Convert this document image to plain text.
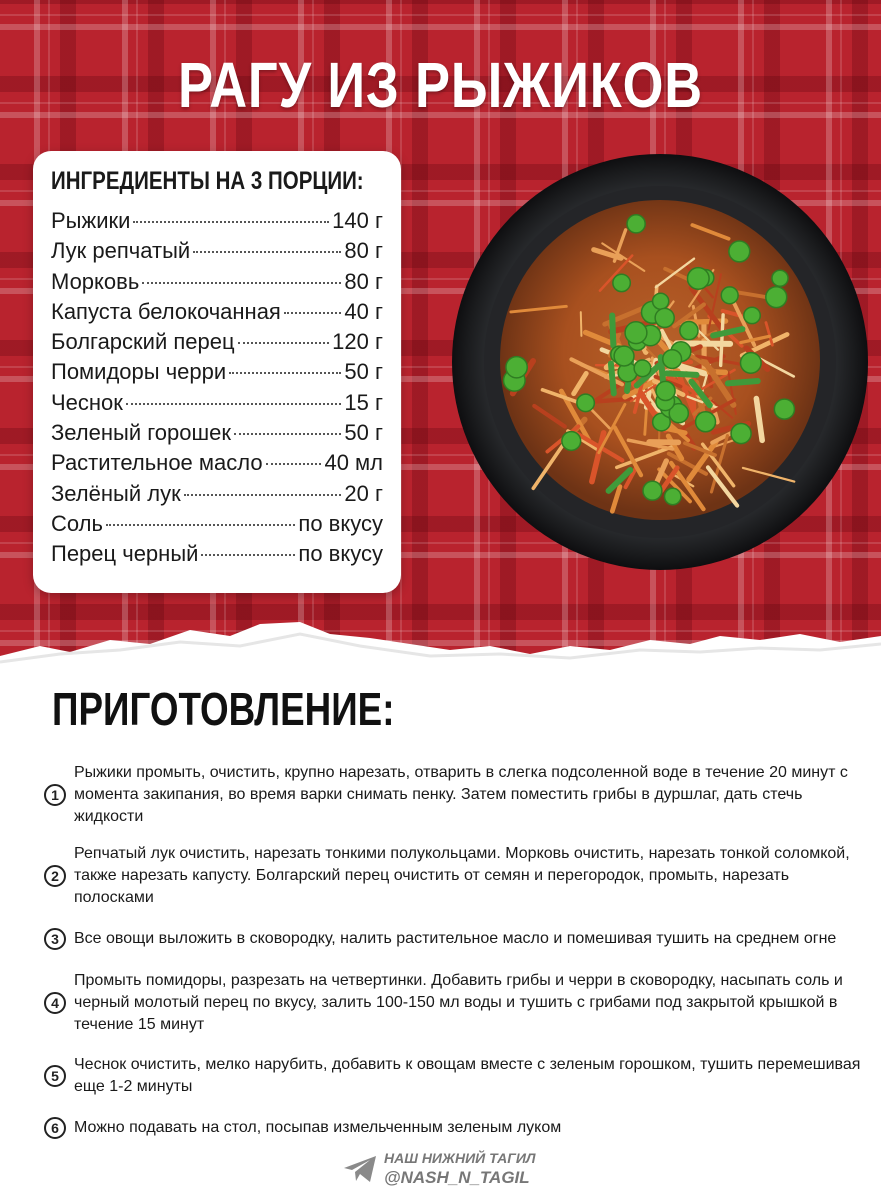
РАГУ ИЗ РЫЖИКОВ
ИНГРЕДИЕНТЫ НА 3 ПОРЦИИ:
Рыжики	140 г
Лук репчатый	80 г
Морковь	80 г
Капуста белокочанная	40 г
Болгарский перец	120 г
Помидоры черри	50 г
Чеснок	15 г
Зеленый горошек	50 г
Растительное масло	40 мл
Зелёный лук	20 г
Соль	по вкусу
Перец черный	по вкусу
ПРИГОТОВЛЕНИЕ:
1
Рыжики промыть, очистить, крупно нарезать, отварить в слегка подсоленной воде в течение 20 минут с момента закипания, во время варки снимать пенку. Затем поместить грибы в дуршлаг, дать стечь жидкости
2
Репчатый лук очистить, нарезать тонкими полукольцами. Морковь очистить, нарезать тонкой соломкой, также нарезать капусту. Болгарский перец очистить от семян и перегородок, промыть, нарезать полосками
3 Все овощи выложить в сковородку, налить растительное масло и помешивая тушить на среднем огне
4
Промыть помидоры, разрезать на четвертинки. Добавить грибы и черри в сковородку, насыпать соль и черный молотый перец по вкусу, залить 100-150 мл воды и тушить с грибами под закрытой крышкой в течение 15 минут
5
Чеснок очистить, мелко нарубить, добавить к овощам вместе с зеленым горошком, тушить перемешивая еще 1-2 минуты
6 Можно подавать на стол, посыпав измельченным зеленым луком
НАШ НИЖНИЙ ТАГИЛ
@NASH_N_TAGIL
